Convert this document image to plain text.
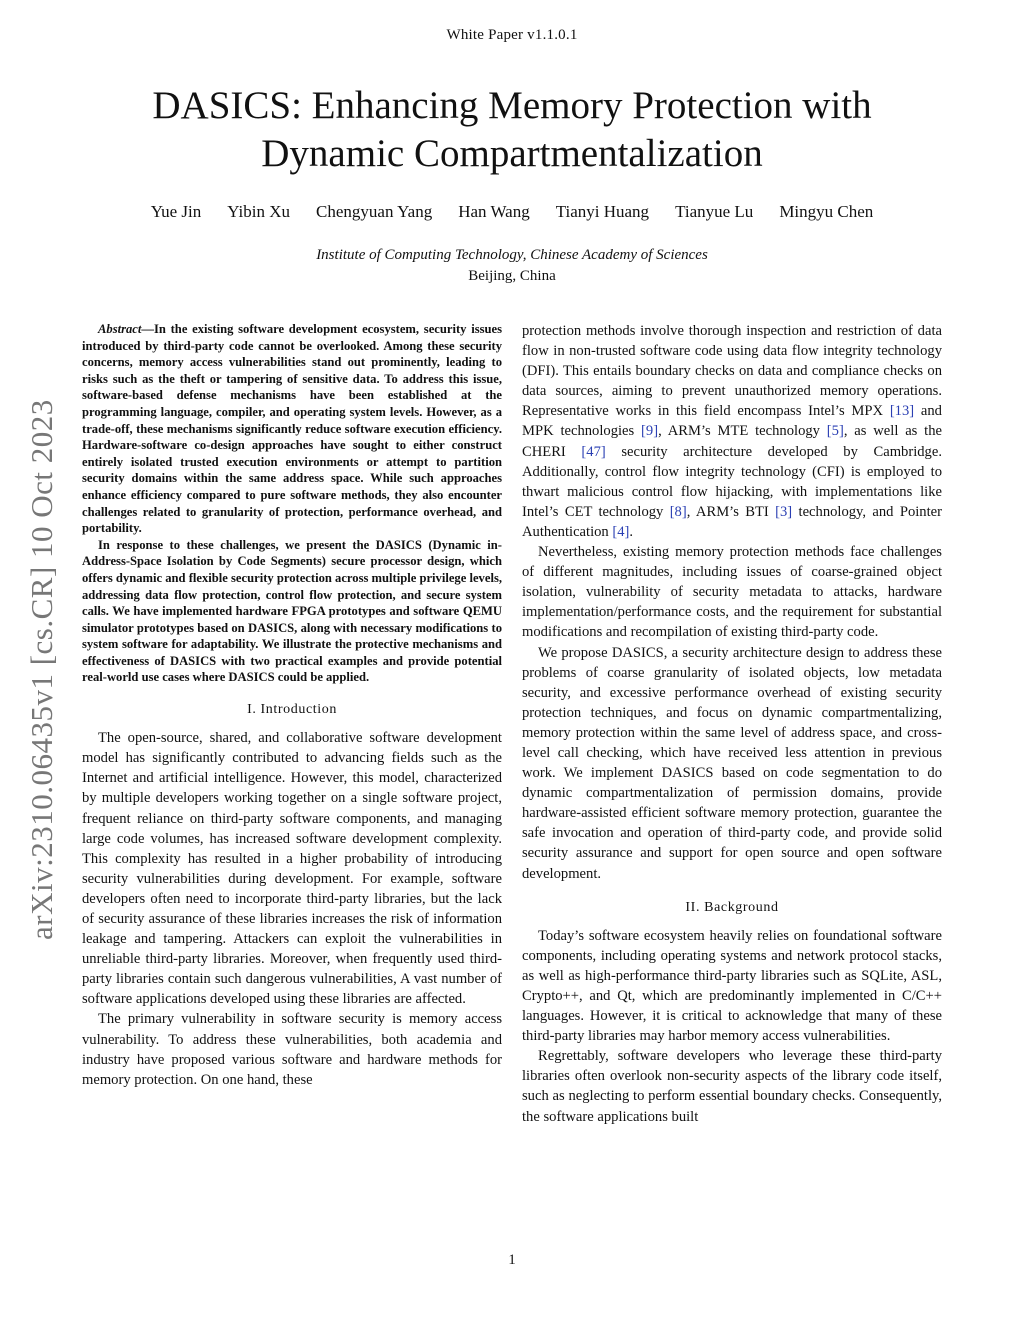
White Paper v1.1.0.1
DASICS: Enhancing Memory Protection with
Dynamic Compartmentalization
Yue Jin Yibin Xu Chengyuan Yang Han Wang Tianyi Huang Tianyue Lu Mingyu Chen
Institute of Computing Technology, Chinese Academy of Sciences
Beijing, China
arXiv:2310.06435v1 [cs.CR] 10 Oct 2023

Abstract—In the existing software development ecosystem, security issues introduced by third-party code cannot be overlooked. Among these security concerns, memory access vulnerabilities stand out prominently, leading to risks such as the theft or tampering of sensitive data. To address this issue, software-based defense mechanisms have been established at the programming language, compiler, and operating system levels. However, as a trade-off, these mechanisms significantly reduce software execution efficiency. Hardware-software co-design approaches have sought to either construct entirely isolated trusted execution environments or attempt to partition security domains within the same address space. While such approaches enhance efficiency compared to pure software methods, they also encounter challenges related to granularity of protection, performance overhead, and portability.

In response to these challenges, we present the DASICS (Dynamic in-Address-Space Isolation by Code Segments) secure processor design, which offers dynamic and flexible security protection across multiple privilege levels, addressing data flow protection, control flow protection, and secure system calls. We have implemented hardware FPGA prototypes and software QEMU simulator prototypes based on DASICS, along with necessary modifications to system software for adaptability. We illustrate the protective mechanisms and effectiveness of DASICS with two practical examples and provide potential real-world use cases where DASICS could be applied.

I. Introduction

The open-source, shared, and collaborative software development model has significantly contributed to advancing fields such as the Internet and artificial intelligence. However, this model, characterized by multiple developers working together on a single software project, frequent reliance on third-party software components, and managing large code volumes, has increased software development complexity. This complexity has resulted in a higher probability of introducing security vulnerabilities during development. For example, software developers often need to incorporate third-party libraries, but the lack of security assurance of these libraries increases the risk of information leakage and tampering. Attackers can exploit the vulnerabilities in unreliable third-party libraries. Moreover, when frequently used third-party libraries contain such dangerous vulnerabilities, A vast number of software applications developed using these libraries are affected.

The primary vulnerability in software security is memory access vulnerability. To address these vulnerabilities, both academia and industry have proposed various software and hardware methods for memory protection. On one hand, these

protection methods involve thorough inspection and restriction of data flow in non-trusted software code using data flow integrity technology (DFI). This entails boundary checks on data and compliance checks on data sources, aiming to prevent unauthorized memory operations. Representative works in this field encompass Intel’s MPX [13] and MPK technologies [9], ARM’s MTE technology [5], as well as the CHERI [47] security architecture developed by Cambridge. Additionally, control flow integrity technology (CFI) is employed to thwart malicious control flow hijacking, with implementations like Intel’s CET technology [8], ARM’s BTI [3] technology, and Pointer Authentication [4].

Nevertheless, existing memory protection methods face challenges of different magnitudes, including issues of coarse-grained object isolation, vulnerability of security metadata to attacks, hardware implementation/performance costs, and the requirement for substantial modifications and recompilation of existing third-party code.

We propose DASICS, a security architecture design to address these problems of coarse granularity of isolated objects, low metadata security, and excessive performance overhead of existing security protection techniques, and focus on dynamic compartmentalizing, memory protection within the same level of address space, and cross-level call checking, which have received less attention in previous work. We implement DASICS based on code segmentation to do dynamic compartmentalization of permission domains, provide hardware-assisted efficient software memory protection, guarantee the safe invocation and operation of third-party code, and provide solid security assurance and support for open source and open software development.

II. Background

Today’s software ecosystem heavily relies on foundational software components, including operating systems and network protocol stacks, as well as high-performance third-party libraries such as SQLite, ASL, Crypto++, and Qt, which are predominantly implemented in C/C++ languages. However, it is critical to acknowledge that many of these third-party libraries may harbor memory access vulnerabilities.

Regrettably, software developers who leverage these third-party libraries often overlook non-security aspects of the library code itself, such as neglecting to perform essential boundary checks. Consequently, the software applications built

1
